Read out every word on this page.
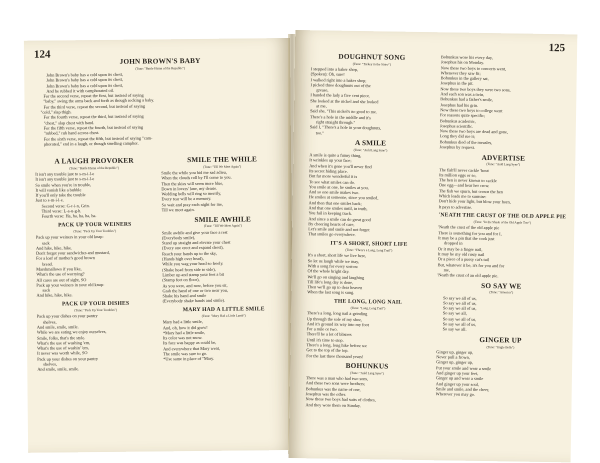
124
JOHN BROWN'S BABY
(Tune: "Battle Hymn of the Republic")
John Brown's baby has a cold upon its chest,
John Brown's baby has a cold upon its chest,
John Brown's baby has a cold upon its chest,
And he rubbed it with camphorated oil.
For the second verse, repeat the first, but instead of saying
"baby," swing the arms back and forth as though rocking a baby.
For the third verse, repeat the second, but instead of saying
"cold," slap thigh.
For the fourth verse, repeat the third, but instead of saying
"chest," slap chest with hand.
For the fifth verse, repeat the fourth, but instead of saying
"rubbed," rub hand across chest.
For the sixth verse, repeat the fifth, but instead of saying "cam-
phorated," end in a laugh, or though smelling camphor.
A LAUGH PROVOKER
(Tune: "Battle Hymn of the Republic")
It isn't any trouble just to s-m-i-l-e
It isn't any trouble just to s-m-i-l-e
So smile when you're in trouble,
It will vanish like a bubble
If you'll only take the trouble
Just to s-m-i-l-e.
Second verse: G-r-i-n, Grin.
Third verse: L-a-u-g-h.
Fourth verse: Ha, ha, ha, ha, ha.
PACK UP YOUR WEINERS
(Tune: "Pack Up Your Troubles")
Pack up your weiners in your old knap-
sack
And hike, hike, hike.
Don't forget your sandwiches and mustard,
For a loaf of mother's good brown
bread.
Marshmallows if you like,
What's the use of worrying?
All cares are out of sight, SO
Pack up your weiners in your old knap-
sack
And hike, hike, hike.
PACK UP YOUR DISHES
(Tune: "Pack Up Your Troubles")
Pack up your dishes on your pantry
shelves,
And smile, smile, smile.
While we are eating we enjoy ourselves,
Smile, folks, that's the style.
What's the use of washing 'em,
What's the use of washin' 'em,
It never was worth while, SO
Pack up your dishes on your pantry
shelves,
And smile, smile, smile.
SMILE THE WHILE
(Tune: "Till We Meet Again")
Smile the while you bid me sad adieu,
When the clouds roll by I'll come to you.
Then the skies will seem more blue,
Down in lovers' lane, my dearie.
Wedding bells will ring so merrily,
Every tear will be a memory.
So wait and pray each night for me,
Till we meet again.
SMILE AWHILE
(Tune: "Till We Meet Again")
Smile awhile and give your face a rest
(Everybody smile),
Stand up straight and elevate your chest
(Every one erect and expand chest),
Reach your hands up to the sky,
(Hands high over head),
While you wag your head so freely.
(Shake head from side to side),
Limber up and stamp your feet a bit
(Stamp feet on floor),
As you were, and now, before you sit,
Grab the hand of one or two near you,
Shake his hand and smile
(Everybody shake hands and smile).
MARY HAD A LITTLE SMILE
(Tune: "Mary Had a Little Lamb")
Mary had a little smile,
And, oh, how it did grow!
*Mary had a little smile,
Its color was not snow.
Its face was happy as could be,
And everywhere that Mary went,
The smile was sure to go.
*Use same in place of "Mary.
125
DOUGHNUT SONG
(Tune: "Turkey in the Straw")
I stepped into a baker shop,
(Spoken): Oh, sure!
I walked right into a baker shop;
I picked three doughnuts out of the
grease,
I handed the lady a five cent piece.
She looked at the nickel and she looked
at me,
Said she, "This nickel's no good to me.
There's a hole in the middle and it's
right straight through."
Said I, "There's a hole in your doughnuts,
too."
A SMILE
(Tune: "Auld Lang Syne")
A smile is quite a funny thing,
It wrinkles up your face;
And when it's gone you'll never find
Its secret hiding place.
But far more wonderful it is
To see what smiles can do.
You smile at one, he smiles at you,
And so one smile makes two.
He smiles at someone, since you smiled,
And then that one smiles back;
And that one smiles until, in truth,
You fail in keeping track.
And since a smile can do great good
By cheering hearts of care,
Let's smile and smile and not forget
That smiles go everywhere.
IT'S A SHORT, SHORT LIFE
(Tune: "There's a Long, Long Trail")
It's a short, short life we live here,
So let us laugh while we may,
With a song for every sorrow
Of the whole bright day.
We'll go on singing and laughing
Till life's long day is done,
Then we'll go up to dear heaven
When the last song is sung.
THE LONG, LONG NAIL
(Tune: "Long, Long Trail")
There's a long, long nail a-grinding
Up through the sole of my shoe,
And it's ground its way into my foot
For a mile or two.
There'll be a lot of blisters
Until it's time to stop.
There's a long, long hike before we
Get to the top of the top.
For the last three thousand years!
BOHUNKUS
(Tune: "Auld Lang Syne")
There was a man who had two sons,
And these two sons were brothers;
Bohunkus was the name of one,
Josephus was the other.
Now these two boys had suits of clothes,
And they wore them on Sunday.
Bohunkus wore his every day,
Josephus his on Monday.
Now these two boys to concerts went,
Whenever they saw fit;
Bohunkus in the gallery sat,
Josephus in the pit.
Now these two boys they were two sons,
And each son was a twin,
Bohunkus had a father's smile,
Josephus had his grin.
Now these two boys to college went
For reasons quite specific;
Bohunkus academic,
Josephus scientific.
Now these two boys are dead and gone,
Long they did rue it;
Bohunkus died of the measles,
Josephus by request.
ADVERTISE
(Tune: "Auld Lang Syne")
The fish'll never cackle 'bout
Its million eggs or so,
The hen is never known to cackle
One egg—and hear her crow.
The fish we spurn, but crown the hen
Which leads me to surmise:
Don't hide your light, but blow your horn,
It pays to advertise.
'NEATH THE CRUST OF THE OLD APPLE PIE
(Tune: "In the Shade of the Old Apple Tree")
'Neath the crust of the old apple pie
There is something for you and for I,
It may be a pin that the cook just
dropped in
Or it may be a finger nail,
It may be my old rusty nail
Or a piece of a pussy cat's tail
But, whatever it be, it's for you and for
me,
'Neath the crust of an old apple pie.
SO SAY WE
(Tune: "America")
So say we all of us,
So say we all of us,
So say we all of us,
So say we all,
So say we all of us,
So say we all of us,
So say we all.
GINGER UP
(Tune: "Jingle Bells")
Ginger up, ginger up,
Never pull a frown,
Ginger up, ginger up,
Put your smile and wear a smile
And ginger up your feet,
Ginger up and wear a smile
And ginger up your soul,
Smile and smile, and the cheer,
Wherever you may go.
